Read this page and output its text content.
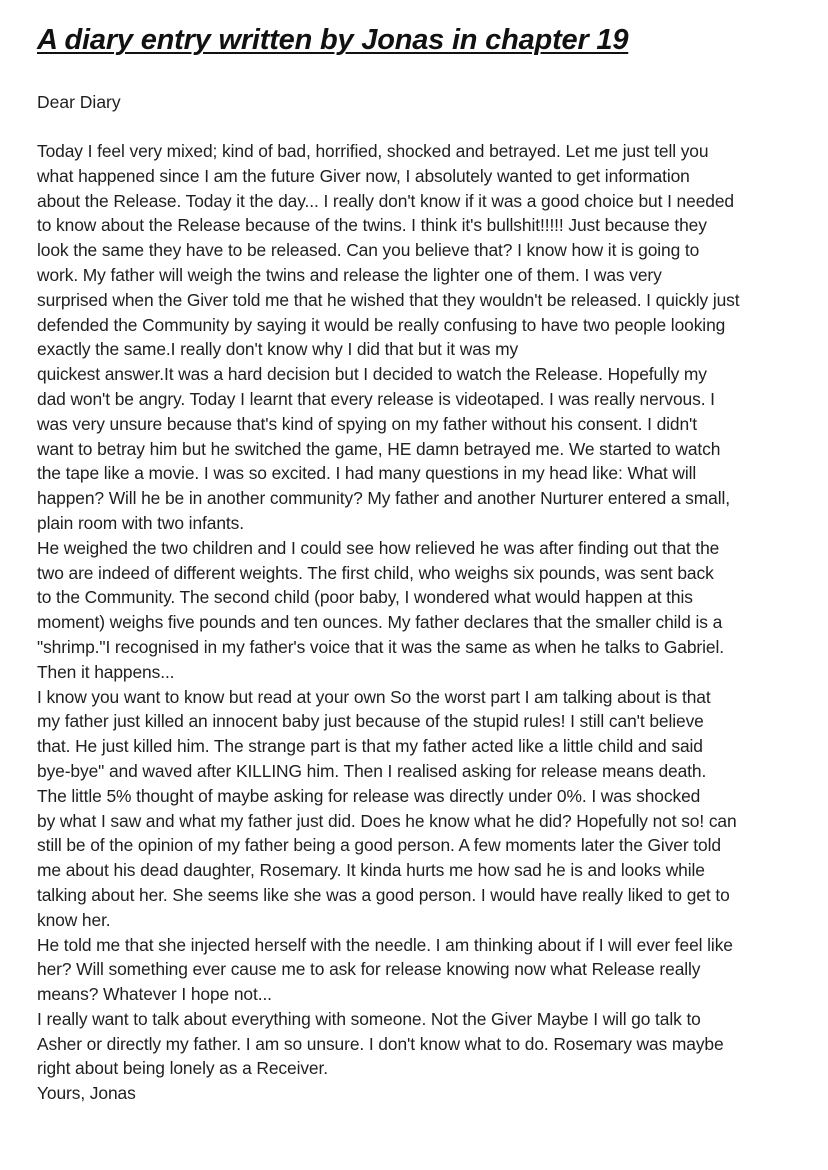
A diary entry written by Jonas in chapter 19

Dear Diary

Today I feel very mixed; kind of bad, horrified, shocked and betrayed. Let me just tell you
what happened since I am the future Giver now, I absolutely wanted to get information
about the Release. Today it the day... I really don't know if it was a good choice but I needed
to know about the Release because of the twins. I think it's bullshit!!!!! Just because they
look the same they have to be released. Can you believe that? I know how it is going to
work. My father will weigh the twins and release the lighter one of them. I was very
surprised when the Giver told me that he wished that they wouldn't be released. I quickly just
defended the Community by saying it would be really confusing to have two people looking
exactly the same.I really don't know why I did that but it was my
quickest answer.It was a hard decision but I decided to watch the Release. Hopefully my
dad won't be angry. Today I learnt that every release is videotaped. I was really nervous. I
was very unsure because that's kind of spying on my father without his consent. I didn't
want to betray him but he switched the game, HE damn betrayed me. We started to watch
the tape like a movie. I was so excited. I had many questions in my head like: What will
happen? Will he be in another community? My father and another Nurturer entered a small,
plain room with two infants.
He weighed the two children and I could see how relieved he was after finding out that the
two are indeed of different weights. The first child, who weighs six pounds, was sent back
to the Community. The second child (poor baby, I wondered what would happen at this
moment) weighs five pounds and ten ounces. My father declares that the smaller child is a
"shrimp."I recognised in my father's voice that it was the same as when he talks to Gabriel.
Then it happens...
I know you want to know but read at your own So the worst part I am talking about is that
my father just killed an innocent baby just because of the stupid rules! I still can't believe
that. He just killed him. The strange part is that my father acted like a little child and said
bye-bye" and waved after KILLING him. Then I realised asking for release means death.
The little 5% thought of maybe asking for release was directly under 0%. I was shocked
by what I saw and what my father just did. Does he know what he did? Hopefully not so! can
still be of the opinion of my father being a good person. A few moments later the Giver told
me about his dead daughter, Rosemary. It kinda hurts me how sad he is and looks while
talking about her. She seems like she was a good person. I would have really liked to get to
know her.
He told me that she injected herself with the needle. I am thinking about if I will ever feel like
her? Will something ever cause me to ask for release knowing now what Release really
means? Whatever I hope not...
I really want to talk about everything with someone. Not the Giver Maybe I will go talk to
Asher or directly my father. I am so unsure. I don't know what to do. Rosemary was maybe
right about being lonely as a Receiver.
Yours, Jonas
